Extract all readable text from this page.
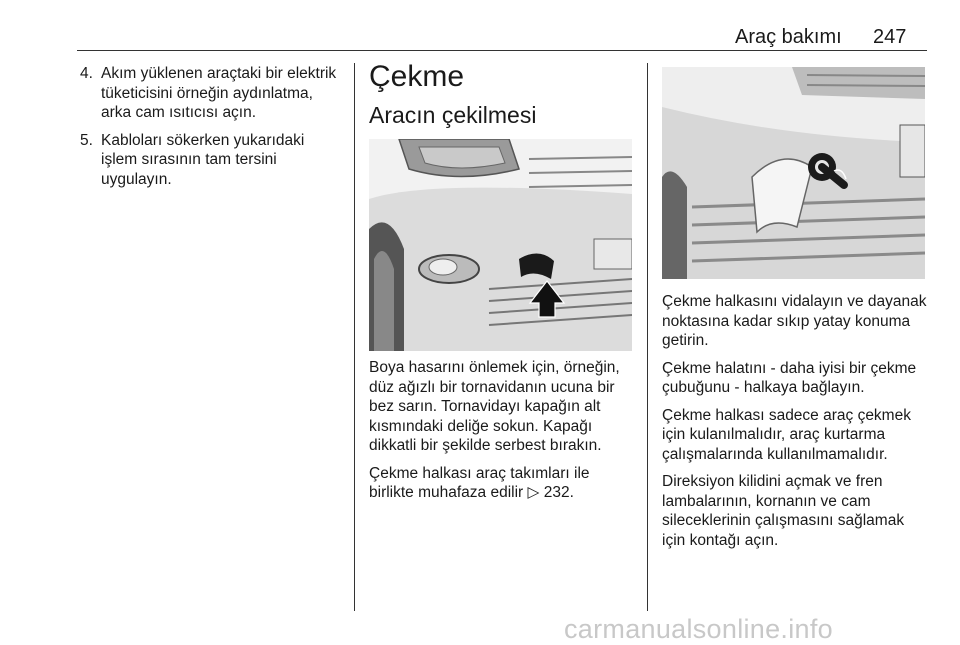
Araç bakımı 247
4. Akım yüklenen araçtaki bir elektrik tüketicisini örneğin aydınlatma, arka cam ısıtıcısı açın.
5. Kabloları sökerken yukarıdaki işlem sırasının tam tersini uygulayın.
Çekme
Aracın çekilmesi

Boya hasarını önlemek için, örneğin, düz ağızlı bir tornavidanın ucuna bir bez sarın. Tornavidayı kapağın alt kısmındaki deliğe sokun. Kapağı dikkatli bir şekilde serbest bırakın.

Çekme halkası araç takımları ile birlikte muhafaza edilir ▷ 232.

Çekme halkasını vidalayın ve dayanak noktasına kadar sıkıp yatay konuma getirin.

Çekme halatını - daha iyisi bir çekme çubuğunu - halkaya bağlayın.

Çekme halkası sadece araç çekmek için kulanılmalıdır, araç kurtarma çalışmalarında kullanılmamalıdır.

Direksiyon kilidini açmak ve fren lambalarının, kornanın ve cam sileceklerinin çalışmasını sağlamak için kontağı açın.

carmanualsonline.info
